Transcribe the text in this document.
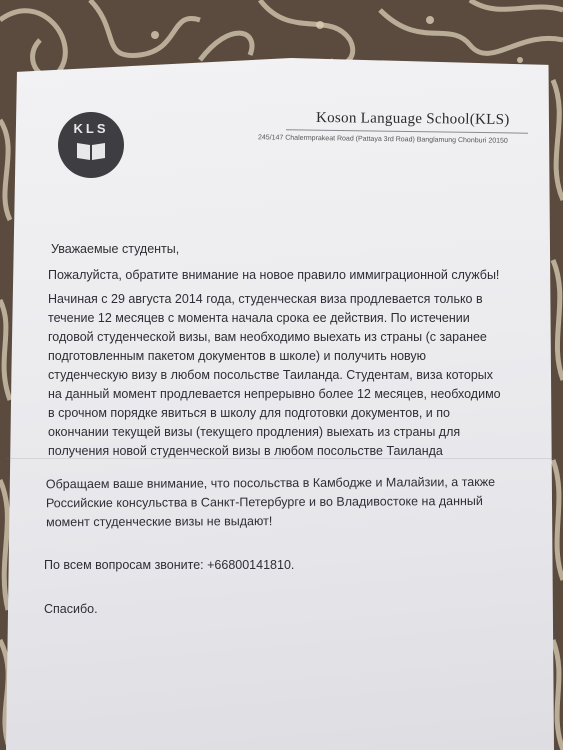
KLS
Koson Language School(KLS)
245/147 Chalermprakeat Road (Pattaya 3rd Road) Banglamung Chonburi 20150
Уважаемые студенты,
Пожалуйста, обратите внимание на новое правило иммиграционной службы!
Начиная с 29 августа 2014 года, студенческая виза продлевается только в
течение 12 месяцев с момента начала срока ее действия. По истечении
годовой студенческой визы, вам необходимо выехать из страны (с заранее
подготовленным пакетом документов в школе) и получить новую
студенческую визу в любом посольстве Таиланда. Студентам, виза которых
на данный момент продлевается непрерывно более 12 месяцев, необходимо
в срочном порядке явиться в школу для подготовки документов, и по
окончании текущей визы (текущего продления) выехать из страны для
получения новой студенческой визы в любом посольстве Таиланда
Обращаем ваше внимание, что посольства в Камбодже и Малайзии, а также
Российские консульства в Санкт-Петербурге и во Владивостоке на данный
момент студенческие визы не выдают!
По всем вопросам звоните: +66800141810.
Спасибо.
